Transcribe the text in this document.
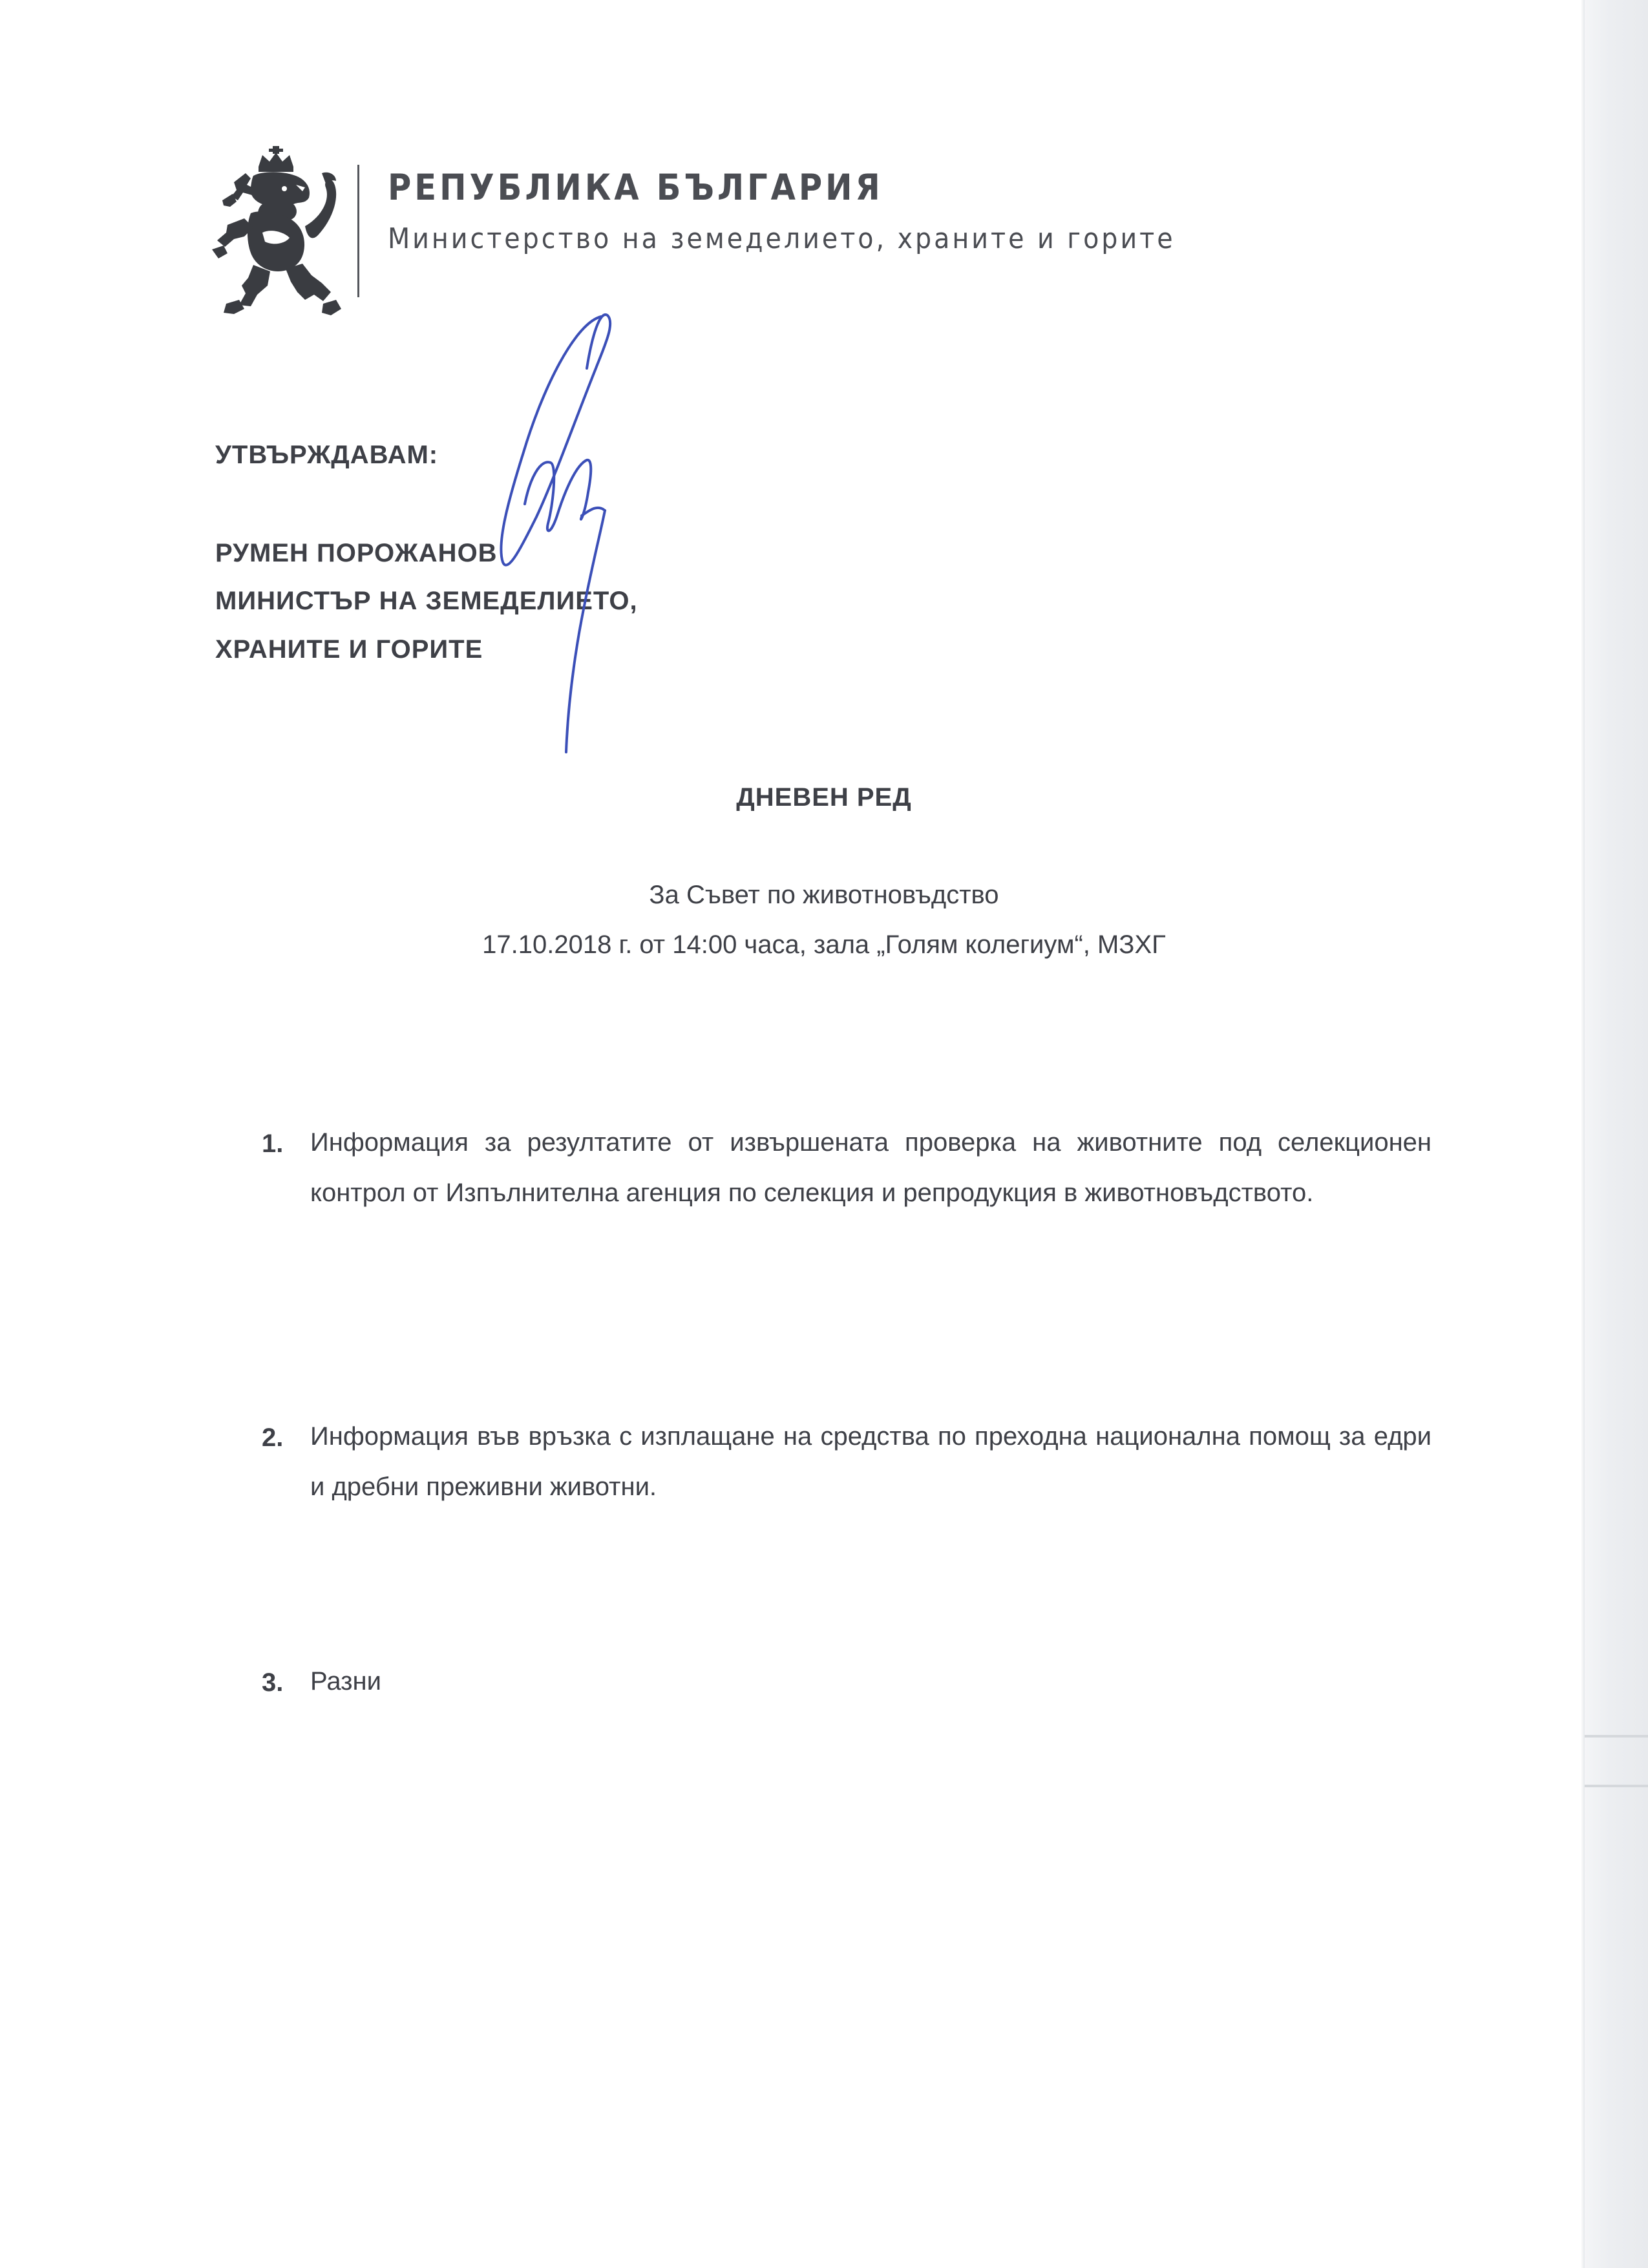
РЕПУБЛИКА БЪЛГАРИЯ
Министерство на земеделието, храните и горите
УТВЪРЖДАВАМ:
РУМЕН ПОРОЖАНОВ
МИНИСТЪР НА ЗЕМЕДЕЛИЕТО,
ХРАНИТЕ И ГОРИТЕ
ДНЕВЕН РЕД
За Съвет по животновъдство
17.10.2018 г. от 14:00 часа, зала „Голям колегиум“, МЗХГ
1. Информация за резултатите от извършената проверка на животните под селекционен контрол от Изпълнителна агенция по селекция и репродукция в животновъдството.
2. Информация във връзка с изплащане на средства по преходна национална помощ за едри и дребни преживни животни.
3. Разни
